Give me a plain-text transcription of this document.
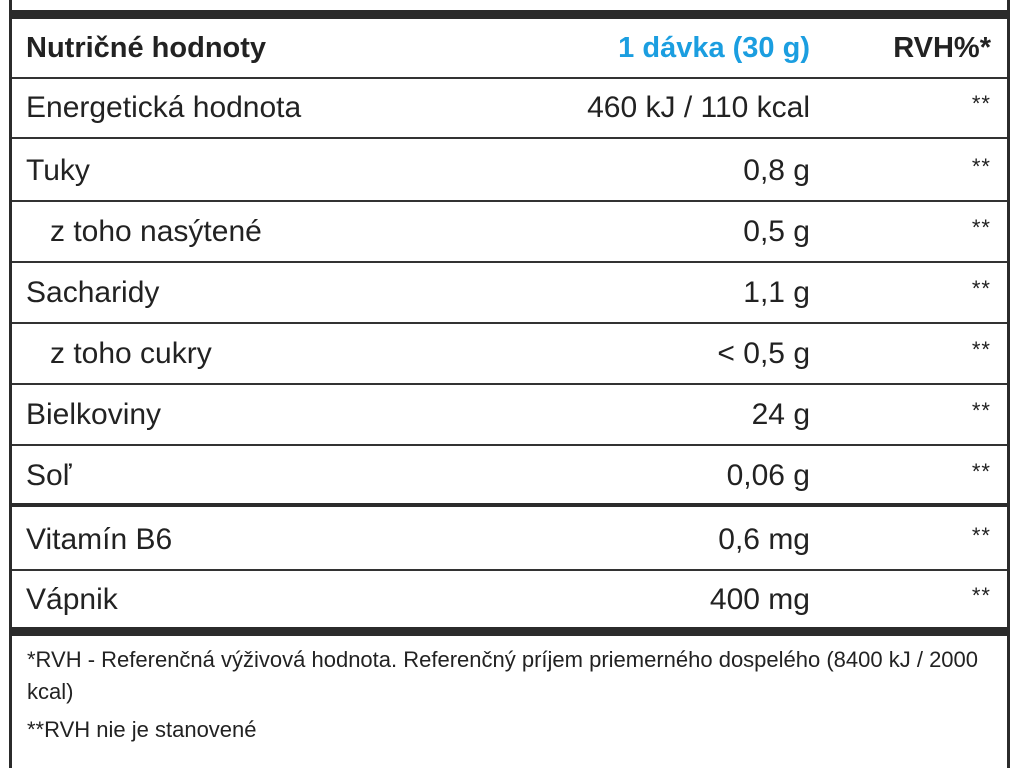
Nutričné hodnoty	1 dávka (30 g)	RVH%*
Energetická hodnota	460 kJ / 110 kcal	**
Tuky	0,8 g	**
z toho nasýtené	0,5 g	**
Sacharidy	1,1 g	**
z toho cukry	< 0,5 g	**
Bielkoviny	24 g	**
Soľ	0,06 g	**
Vitamín B6	0,6 mg	**
Vápnik	400 mg	**
*RVH - Referenčná výživová hodnota. Referenčný príjem priemerného dospelého (8400 kJ / 2000 kcal)
**RVH nie je stanovené
